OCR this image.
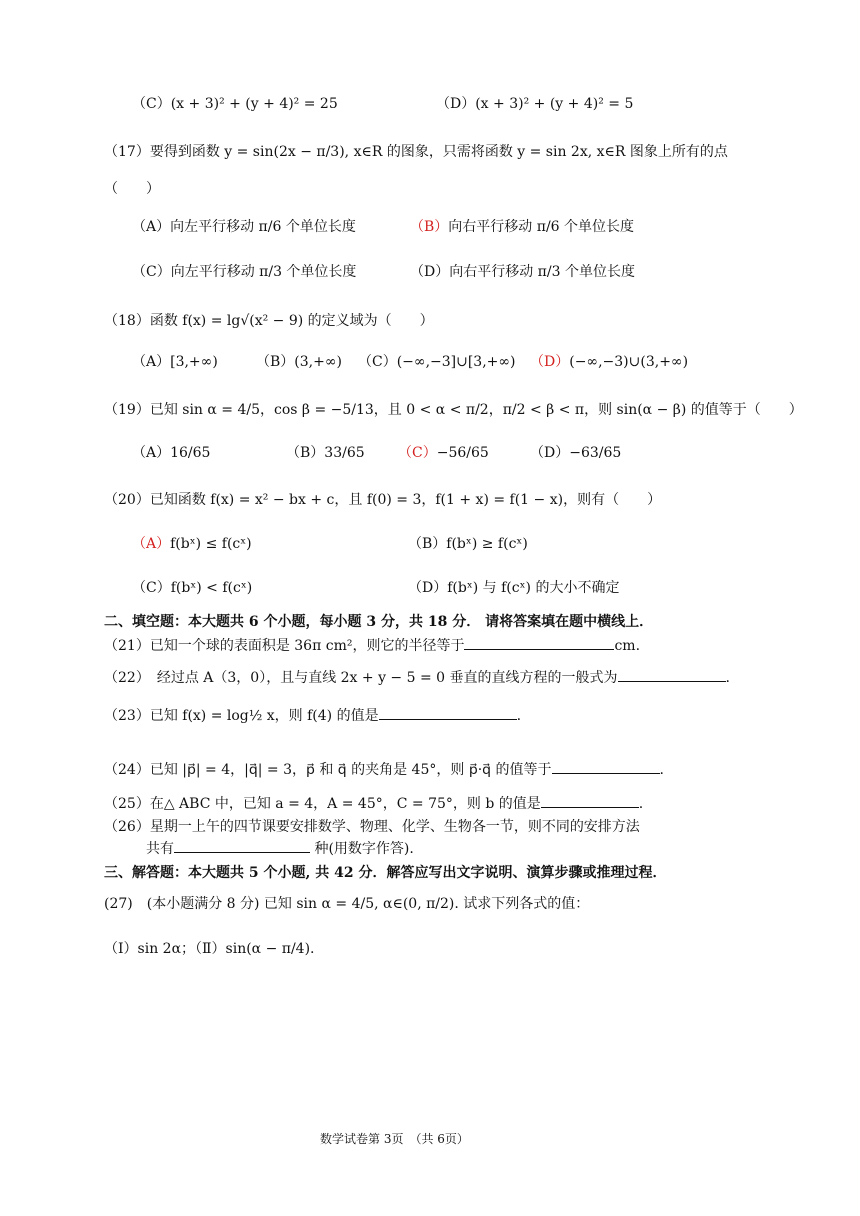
（C）(x + 3)² + (y + 4)² = 25	（D）(x + 3)² + (y + 4)² = 5
（17）要得到函数 y = sin(2x − π/3), x∈R 的图象，只需将函数 y = sin 2x, x∈R 图象上所有的点
（　　）
（A）向左平行移动 π/6 个单位长度	（B）向右平行移动 π/6 个单位长度
（C）向左平行移动 π/3 个单位长度	（D）向右平行移动 π/3 个单位长度
（18）函数 f(x) = lg√(x² − 9) 的定义域为（　　）
（A）[3,+∞)	（B）(3,+∞) （C）(−∞,−3]∪[3,+∞) （D）(−∞,−3)∪(3,+∞)
（19）已知 sin α = 4/5，cos β = −5/13，且 0 < α < π/2，π/2 < β < π，则 sin(α − β) 的值等于（　　）
（A）16/65	（B）33/65 （C）−56/65	（D）−63/65
（20）已知函数 f(x) = x² − bx + c，且 f(0) = 3，f(1 + x) = f(1 − x)，则有（　　）
（A）f(bˣ) ≤ f(cˣ)	（B）f(bˣ) ≥ f(cˣ)
（C）f(bˣ) < f(cˣ)	（D）f(bˣ) 与 f(cˣ) 的大小不确定
二、填空题：本大题共 6 个小题，每小题 3 分，共 18 分． 请将答案填在题中横线上．
（21）已知一个球的表面积是 36π cm²，则它的半径等于	cm.
（22）　经过点 A（3，0），且与直线 2x + y − 5 = 0 垂直的直线方程的一般式为	.
（23）已知 f(x) = log½ x，则 f(4) 的值是	.
（24）已知 |p⃗| = 4，|q⃗| = 3，p⃗ 和 q⃗ 的夹角是 45°，则 p⃗·q⃗ 的值等于	.
（25）在△ ABC 中，已知 a = 4，A = 45°，C = 75°，则 b 的值是	.
（26）星期一上午的四节课要安排数学、物理、化学、生物各一节，则不同的安排方法
共有	种(用数字作答).
三、解答题：本大题共 5 个小题, 共 42 分．解答应写出文字说明、演算步骤或推理过程．
(27)　(本小题满分 8 分) 已知 sin α = 4/5, α∈(0, π/2). 试求下列各式的值：
（Ⅰ）sin 2α；（Ⅱ）sin(α − π/4).
数学试卷第 3页　（共 6页）
